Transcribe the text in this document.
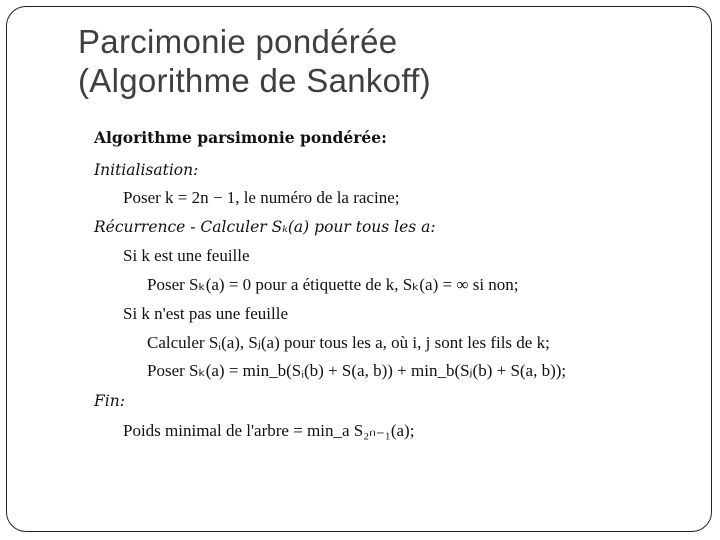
Parcimonie pondérée
(Algorithme de Sankoff)
Algorithme parsimonie pondérée:
Initialisation:
Poser k = 2n − 1, le numéro de la racine;
Récurrence - Calculer Sₖ(a) pour tous les a:
Si k est une feuille
Poser Sₖ(a) = 0 pour a étiquette de k, Sₖ(a) = ∞ si non;
Si k n'est pas une feuille
Calculer Sᵢ(a), Sⱼ(a) pour tous les a, où i, j sont les fils de k;
Poser Sₖ(a) = min_b(Sᵢ(b) + S(a, b)) + min_b(Sⱼ(b) + S(a, b));
Fin:
Poids minimal de l'arbre = min_a S₂ₙ₋₁(a);
